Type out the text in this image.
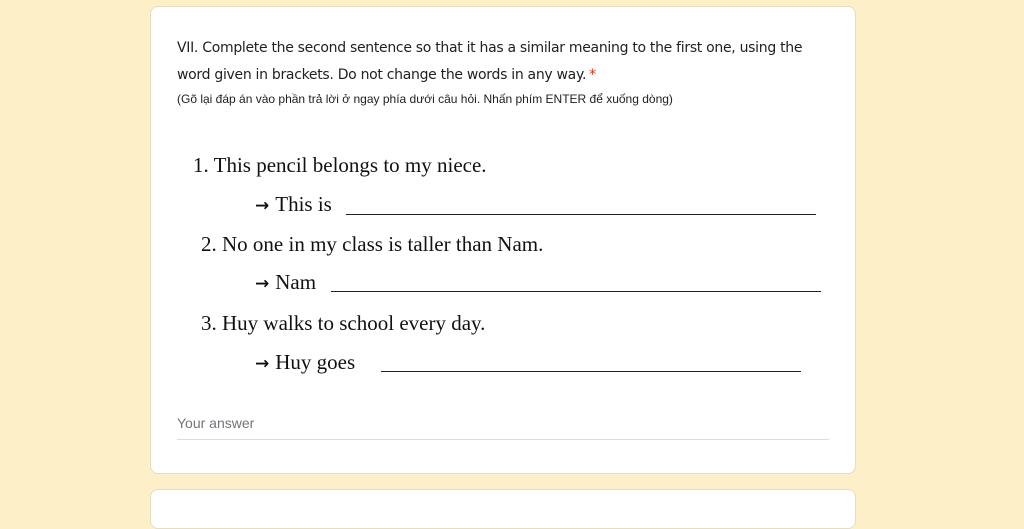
VII. Complete the second sentence so that it has a similar meaning to the first one, using the word given in brackets. Do not change the words in any way. *
(Gõ lại đáp án vào phần trả lời ở ngay phía dưới câu hỏi. Nhấn phím ENTER để xuống dòng)
1. This pencil belongs to my niece.
→ This is
2. No one in my class is taller than Nam.
→ Nam
3. Huy walks to school every day.
→ Huy goes
Your answer
